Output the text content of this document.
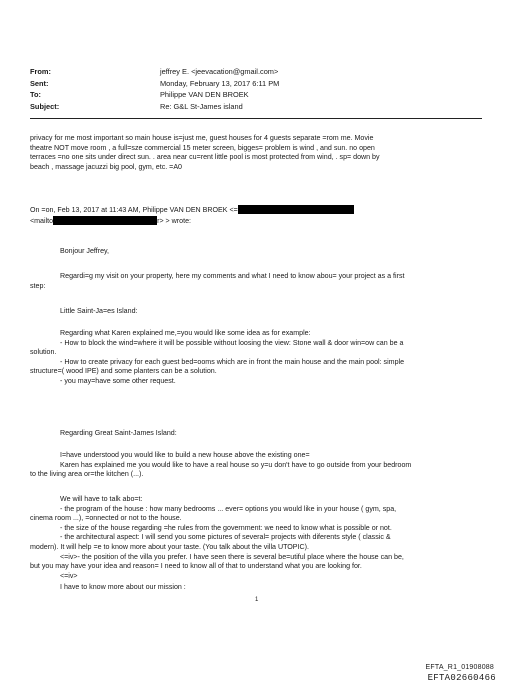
From:	jeffrey E. <jeevacation@gmail.com>
Sent:	Monday, February 13, 2017 6:11 PM
To:	Philippe VAN DEN BROEK
Subject:	Re: G&L St-James island
privacy for me most important so main house is=just me, guest houses for 4 guests separate =rom me. Movie
theatre NOT move room , a full=sze commercial 15 meter screen, bigges= problem is wind , and sun. no open
terraces =no one sits under direct sun. . area near cu=rent little pool is most protected from wind, . sp= down by
beach , massage jacuzzi big pool, gym, etc. =A0
On =on, Feb 13, 2017 at 11:43 AM, Philippe VAN DEN BROEK <=
<mailto	r> > wrote:
Bonjour Jeffrey,
Regardi=g my visit on your property, here my comments and what I need to know abou= your project as a first
step:
Little Saint-Ja=es Island:
Regarding what Karen explained me,=you would like some idea as for example:
- How to block the wind=where it will be possible without loosing the view: Stone wall & door win=ow can be a
solution.
- How to create privacy for each guest bed=ooms which are in front the main house and the main pool: simple
structure=( wood IPE) and some planters can be a solution.
- you may=have some other request.
Regarding Great Saint-James Island:
I=have understood you would like to build a new house above the existing one=
Karen has explained me you would like to have a real house so y=u don't have to go outside from your bedroom
to the living area or=the kitchen (...).
We will have to talk abo=t:
- the program of the house : how many bedrooms ... ever= options you would like in your house ( gym, spa,
cinema room ...), =onnected or not to the house.
- the size of the house regarding =he rules from the government: we need to know what is possible or not.
- the architectural aspect: I will send you some pictures of several= projects with diferents style ( classic &
modern). It will help =e to know more about your taste. (You talk about the villa UTOPIC).
<=iv>- the position of the villa you prefer. I have seen there is several be=utiful place where the house can be,
but you may have your idea and reason= I need to know all of that to understand what you are looking for.
<=iv>
I have to know more about our mission :
1
EFTA_R1_01908088
EFTA02660466
